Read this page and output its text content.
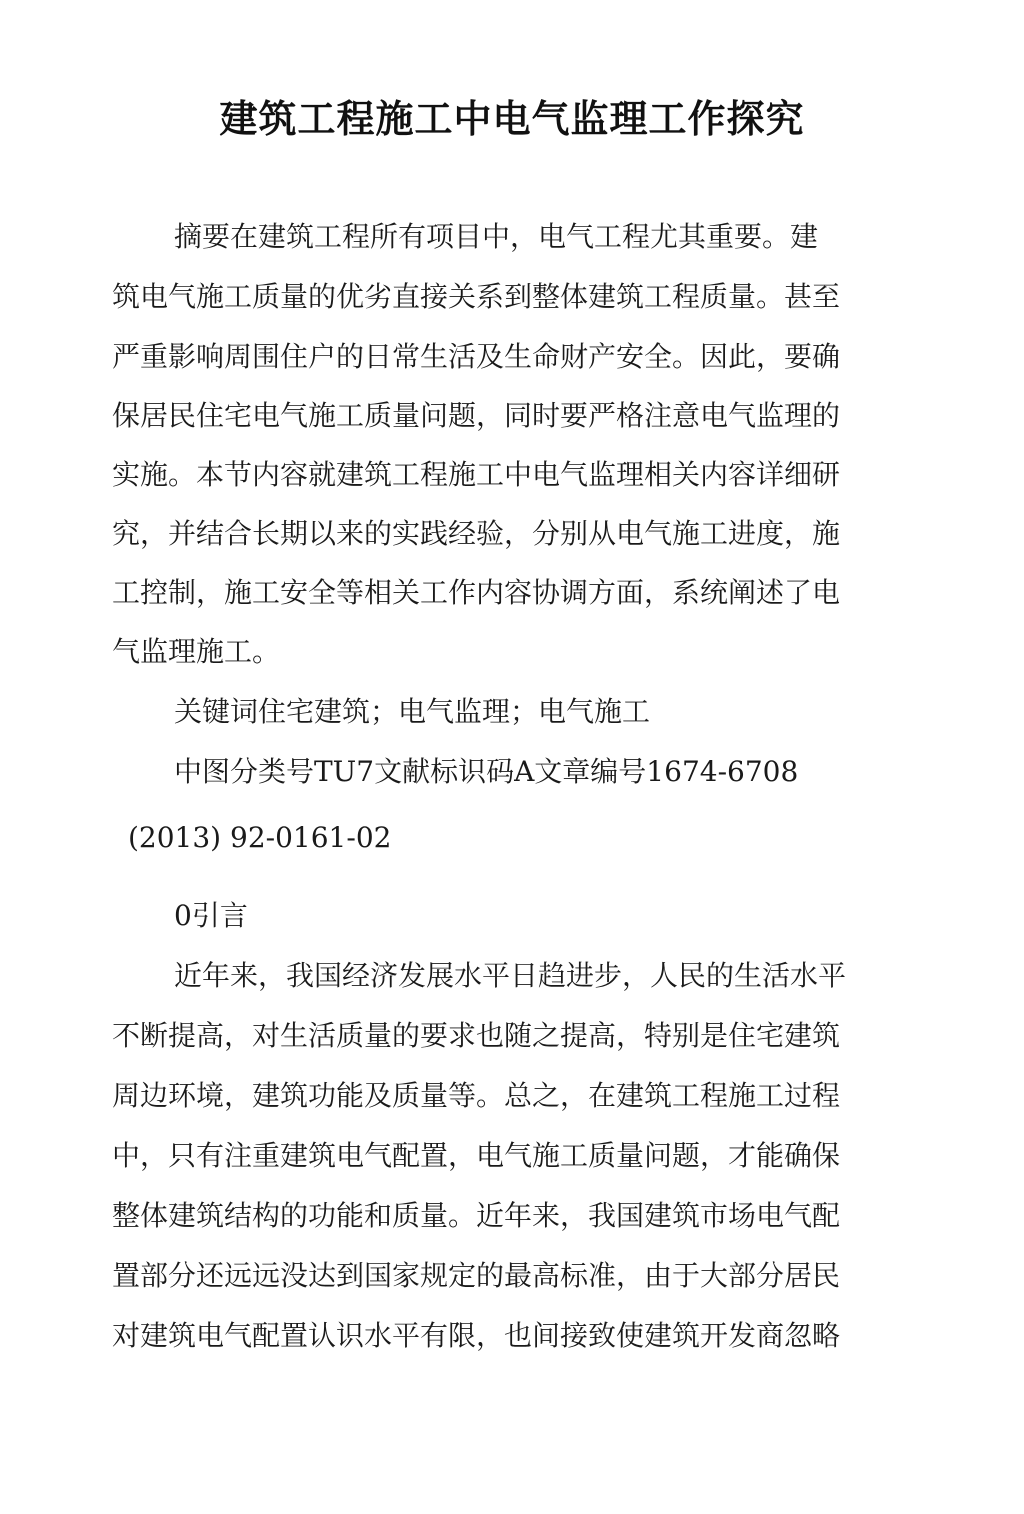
建筑工程施工中电气监理工作探究
摘要在建筑工程所有项目中，电气工程尤其重要。建
筑电气施工质量的优劣直接关系到整体建筑工程质量。甚至
严重影响周围住户的日常生活及生命财产安全。因此，要确
保居民住宅电气施工质量问题，同时要严格注意电气监理的
实施。本节内容就建筑工程施工中电气监理相关内容详细研
究，并结合长期以来的实践经验，分别从电气施工进度，施
工控制，施工安全等相关工作内容协调方面，系统阐述了电
气监理施工。
关键词住宅建筑；电气监理；电气施工
中图分类号TU7文献标识码A文章编号1674-6708
(2013) 92-0161-02
0引言
近年来，我国经济发展水平日趋进步，人民的生活水平
不断提高，对生活质量的要求也随之提高，特别是住宅建筑
周边环境，建筑功能及质量等。总之，在建筑工程施工过程
中，只有注重建筑电气配置，电气施工质量问题，才能确保
整体建筑结构的功能和质量。近年来，我国建筑市场电气配
置部分还远远没达到国家规定的最高标准，由于大部分居民
对建筑电气配置认识水平有限，也间接致使建筑开发商忽略
